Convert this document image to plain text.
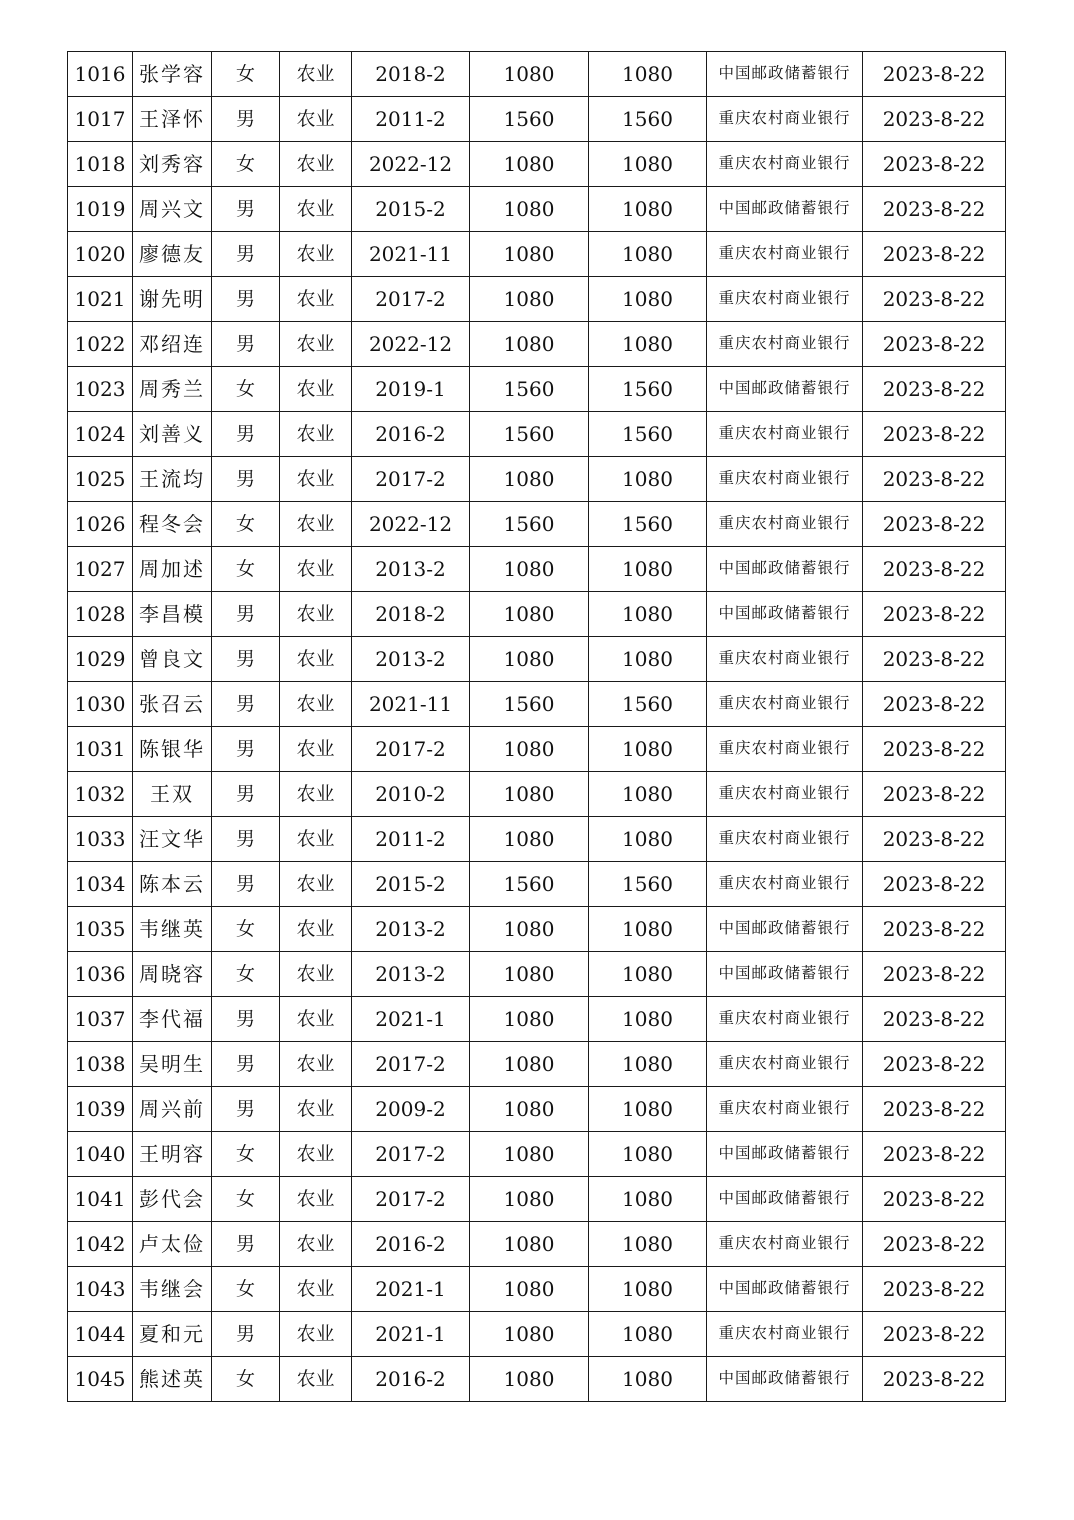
1016	张学容	女	农业	2018-2	1080	1080	中国邮政储蓄银行	2023-8-22
1017	王泽怀	男	农业	2011-2	1560	1560	重庆农村商业银行	2023-8-22
1018	刘秀容	女	农业	2022-12	1080	1080	重庆农村商业银行	2023-8-22
1019	周兴文	男	农业	2015-2	1080	1080	中国邮政储蓄银行	2023-8-22
1020	廖德友	男	农业	2021-11	1080	1080	重庆农村商业银行	2023-8-22
1021	谢先明	男	农业	2017-2	1080	1080	重庆农村商业银行	2023-8-22
1022	邓绍连	男	农业	2022-12	1080	1080	重庆农村商业银行	2023-8-22
1023	周秀兰	女	农业	2019-1	1560	1560	中国邮政储蓄银行	2023-8-22
1024	刘善义	男	农业	2016-2	1560	1560	重庆农村商业银行	2023-8-22
1025	王流均	男	农业	2017-2	1080	1080	重庆农村商业银行	2023-8-22
1026	程冬会	女	农业	2022-12	1560	1560	重庆农村商业银行	2023-8-22
1027	周加述	女	农业	2013-2	1080	1080	中国邮政储蓄银行	2023-8-22
1028	李昌模	男	农业	2018-2	1080	1080	中国邮政储蓄银行	2023-8-22
1029	曾良文	男	农业	2013-2	1080	1080	重庆农村商业银行	2023-8-22
1030	张召云	男	农业	2021-11	1560	1560	重庆农村商业银行	2023-8-22
1031	陈银华	男	农业	2017-2	1080	1080	重庆农村商业银行	2023-8-22
1032	王双	男	农业	2010-2	1080	1080	重庆农村商业银行	2023-8-22
1033	汪文华	男	农业	2011-2	1080	1080	重庆农村商业银行	2023-8-22
1034	陈本云	男	农业	2015-2	1560	1560	重庆农村商业银行	2023-8-22
1035	韦继英	女	农业	2013-2	1080	1080	中国邮政储蓄银行	2023-8-22
1036	周晓容	女	农业	2013-2	1080	1080	中国邮政储蓄银行	2023-8-22
1037	李代福	男	农业	2021-1	1080	1080	重庆农村商业银行	2023-8-22
1038	吴明生	男	农业	2017-2	1080	1080	重庆农村商业银行	2023-8-22
1039	周兴前	男	农业	2009-2	1080	1080	重庆农村商业银行	2023-8-22
1040	王明容	女	农业	2017-2	1080	1080	中国邮政储蓄银行	2023-8-22
1041	彭代会	女	农业	2017-2	1080	1080	中国邮政储蓄银行	2023-8-22
1042	卢太俭	男	农业	2016-2	1080	1080	重庆农村商业银行	2023-8-22
1043	韦继会	女	农业	2021-1	1080	1080	中国邮政储蓄银行	2023-8-22
1044	夏和元	男	农业	2021-1	1080	1080	重庆农村商业银行	2023-8-22
1045	熊述英	女	农业	2016-2	1080	1080	中国邮政储蓄银行	2023-8-22
